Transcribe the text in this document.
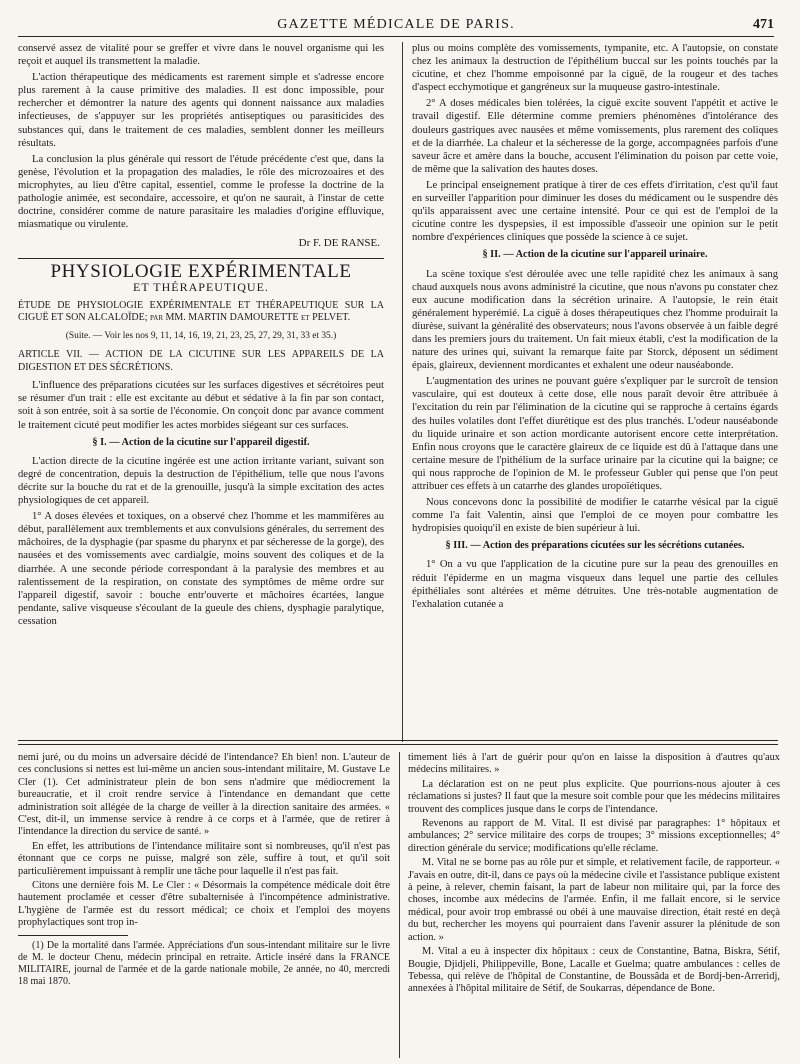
GAZETTE MÉDICALE DE PARIS.	471

conservé assez de vitalité pour se greffer et vivre dans le nouvel organisme qui les reçoit et auquel ils transmettent la maladie.

L'action thérapeutique des médicaments est rarement simple et s'adresse encore plus rarement à la cause primitive des maladies. Il est donc impossible, pour rechercher et démontrer la nature des agents qui donnent naissance aux maladies infectieuses, de s'appuyer sur les propriétés antiseptiques ou parasiticides des substances qui, dans le traitement de ces maladies, semblent donner les meilleurs résultats.

La conclusion la plus générale qui ressort de l'étude précédente c'est que, dans la genèse, l'évolution et la propagation des maladies, le rôle des microzoaires et des microphytes, au lieu d'être capital, essentiel, comme le professe la doctrine de la pathologie animée, est secondaire, accessoire, et qu'on ne saurait, à l'instar de cette doctrine, considérer comme de nature parasitaire les maladies d'origine effluvique, miasmatique ou virulente.

Dr F. DE RANSE.
PHYSIOLOGIE EXPÉRIMENTALE
ET THÉRAPEUTIQUE.
ÉTUDE DE PHYSIOLOGIE EXPÉRIMENTALE ET THÉRAPEUTIQUE SUR LA CIGUË ET SON ALCALOÏDE; par MM. MARTIN DAMOURETTE et PELVET.
(Suite. — Voir les nos 9, 11, 14, 16, 19, 21, 23, 25, 27, 29, 31, 33 et 35.)
ARTICLE VII. — ACTION DE LA CICUTINE SUR LES APPAREILS DE LA DIGESTION ET DES SÉCRÉTIONS.

L'influence des préparations cicutées sur les surfaces digestives et sécrétoires peut se résumer d'un trait : elle est excitante au début et sédative à la fin par son contact, soit à son entrée, soit à sa sortie de l'économie. On conçoit donc par avance comment le traitement cicuté peut modifier les actes morbides siégeant sur ces surfaces.

§ I. — Action de la cicutine sur l'appareil digestif.

L'action directe de la cicutine ingérée est une action irritante variant, suivant son degré de concentration, depuis la destruction de l'épithélium, telle que nous l'avons décrite sur la bouche du rat et de la grenouille, jusqu'à la simple excitation des actes physiologiques de cet appareil.

1° A doses élevées et toxiques, on a observé chez l'homme et les mammifères au début, parallèlement aux tremblements et aux convulsions générales, du serrement des mâchoires, de la dysphagie (par spasme du pharynx et par sécheresse de la gorge), des nausées et des vomissements avec cardialgie, moins souvent des coliques et de la diarrhée. A une seconde période correspondant à la paralysie des membres et au ralentissement de la respiration, on constate des symptômes de même ordre sur l'appareil digestif, savoir : bouche entr'ouverte et mâchoires écartées, langue pendante, salive visqueuse s'écoulant de la gueule des chiens, dysphagie paralytique, cessation

plus ou moins complète des vomissements, tympanite, etc. A l'autopsie, on constate chez les animaux la destruction de l'épithélium buccal sur les points touchés par la cicutine, et chez l'homme empoisonné par la ciguë, de la rougeur et des taches d'aspect ecchymotique et gangréneux sur la muqueuse gastro-intestinale.

2° A doses médicales bien tolérées, la ciguë excite souvent l'appétit et active le travail digestif. Elle détermine comme premiers phénomènes d'intolérance des douleurs gastriques avec nausées et même vomissements, plus rarement des coliques et de la diarrhée. La chaleur et la sécheresse de la gorge, accompagnées parfois d'une saveur âcre et amère dans la bouche, accusent l'élimination du poison par cette voie, de même que la salivation des hautes doses.

Le principal enseignement pratique à tirer de ces effets d'irritation, c'est qu'il faut en surveiller l'apparition pour diminuer les doses du médicament ou le suspendre dès qu'ils apparaissent avec une certaine intensité. Pour ce qui est de l'emploi de la cicutine contre les dyspepsies, il est impossible d'asseoir une opinion sur le petit nombre d'expériences cliniques que possède la science à ce sujet.

§ II. — Action de la cicutine sur l'appareil urinaire.

La scène toxique s'est déroulée avec une telle rapidité chez les animaux à sang chaud auxquels nous avons administré la cicutine, que nous n'avons pu constater chez eux aucune modification dans la sécrétion urinaire. A l'autopsie, le rein était généralement hyperémié. La ciguë à doses thérapeutiques chez l'homme produirait la diurèse, suivant la généralité des observateurs; nous l'avons observée à un faible degré dans les premiers jours du traitement. Un fait mieux établi, c'est la modification de la nature des urines qui, suivant la remarque faite par Storck, déposent un sédiment épais, glaireux, deviennent mordicantes et exhalent une odeur nauséabonde.

L'augmentation des urines ne pouvant guère s'expliquer par le surcroît de tension vasculaire, qui est douteux à cette dose, elle nous paraît devoir être attribuée à l'excitation du rein par l'élimination de la cicutine qui se rapproche à certains égards des huiles volatiles dont l'effet diurétique est des plus tranchés. L'odeur nauséabonde du liquide urinaire et son action mordicante autorisent encore cette interprétation. Enfin nous croyons que le caractère glaireux de ce liquide est dû à l'attaque dans une certaine mesure de l'pithélium de la surface urinaire par la cicutine qui la baigne; ce qui nous rapproche de l'opinion de M. le professeur Gubler qui pense que l'on peut attribuer ces effets à un catarrhe des glandes uropoïétiques.

Nous concevons donc la possibilité de modifier le catarrhe vésical par la ciguë comme l'a fait Valentin, ainsi que l'emploi de ce moyen pour combattre les hydropisies quoiqu'il en existe de bien supérieur à lui.

§ III. — Action des préparations cicutées sur les sécrétions cutanées.

1° On a vu que l'application de la cicutine pure sur la peau des grenouilles en réduit l'épiderme en un magma visqueux dans lequel une partie des cellules épithéliales sont altérées et même détruites. Une très-notable augmentation de l'exhalation cutanée a

nemi juré, ou du moins un adversaire décidé de l'intendance? Eh bien! non. L'auteur de ces conclusions si nettes est lui-même un ancien sous-intendant militaire, M. Gustave Le Cler (1). Cet administrateur plein de bon sens n'admire que médiocrement la bureaucratie, et il croit rendre service à l'intendance en demandant que cette administration soit allégée de la charge de veiller à la direction sanitaire des armées. « C'est, dit-il, un immense service à rendre à ce corps et à l'armée, que de retirer à l'intendance la direction du service de santé. »

En effet, les attributions de l'intendance militaire sont si nombreuses, qu'il n'est pas étonnant que ce corps ne puisse, malgré son zèle, suffire à tout, et qu'il soit particulièrement impuissant à remplir une tâche pour laquelle il n'est pas fait.

Citons une dernière fois M. Le Cler : « Désormais la compétence médicale doit être hautement proclamée et cesser d'être subalternisée à l'incompétence administrative. L'hygiène de l'armée est du ressort médical; ce choix et l'emploi des moyens prophylactiques sont trop in-

(1) De la mortalité dans l'armée. Appréciations d'un sous-intendant militaire sur le livre de M. le docteur Chenu, médecin principal en retraite. Article inséré dans la FRANCE MILITAIRE, journal de l'armée et de la garde nationale mobile, 2e année, no 40, mercredi 18 mai 1870.

timement liés à l'art de guérir pour qu'on en laisse la disposition à d'autres qu'aux médecins militaires. »

La déclaration est on ne peut plus explicite. Que pourrions-nous ajouter à ces réclamations si justes? Il faut que la mesure soit comble pour que les médecins militaires trouvent des complices jusque dans le corps de l'intendance.

Revenons au rapport de M. Vital. Il est divisé par paragraphes: 1° hôpitaux et ambulances; 2° service militaire des corps de troupes; 3° missions exceptionnelles; 4° direction générale du service; modifications qu'elle réclame.

M. Vital ne se borne pas au rôle pur et simple, et relativement facile, de rapporteur. « J'avais en outre, dit-il, dans ce pays où la médecine civile et l'assistance publique existent à peine, à relever, chemin faisant, la part de labeur non militaire qui, par la force des choses, incombe aux médecins de l'armée. Enfin, il me fallait encore, si le service médical, pour avoir trop embrassé ou obéi à une mauvaise direction, était resté en deçà du but, rechercher les moyens qui pourraient dans l'avenir assurer la plénitude de son action. »

M. Vital a eu à inspecter dix hôpitaux : ceux de Constantine, Batna, Biskra, Sétif, Bougie, Djidjeli, Philippeville, Bone, Lacalle et Guelma; quatre ambulances : celles de Tebessa, qui relève de l'hôpital de Constantine, de Boussâda et de Bordj-ben-Arreridj, annexées à l'hôpital militaire de Sétif, de Soukarras, dépendance de Bone.
